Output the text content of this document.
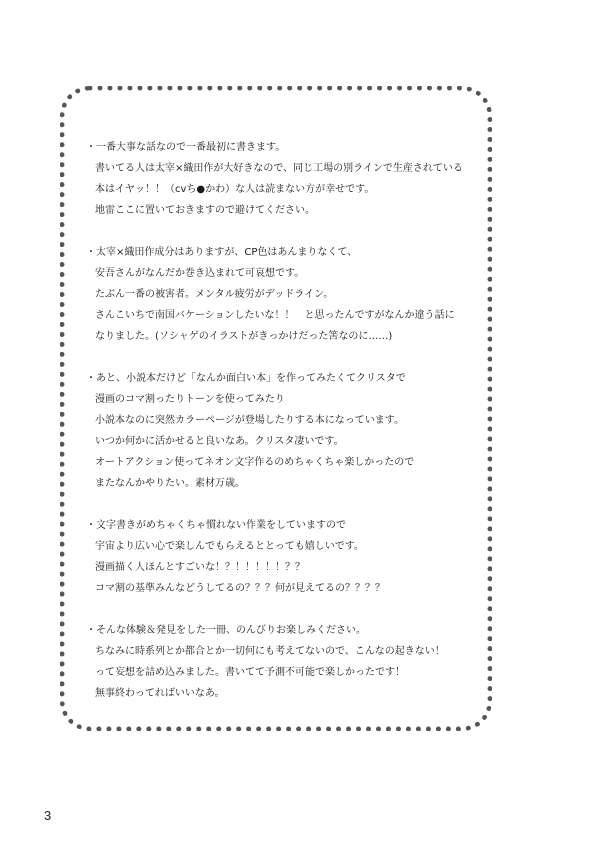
・一番大事な話なので一番最初に書きます。
書いてる人は太宰×織田作が大好きなので、同じ工場の別ラインで生産されている
本はイヤッ！！（cvち●かわ）な人は読まない方が幸せです。
地雷ここに置いておきますので避けてください。
・太宰×織田作成分はありますが、CP色はあんまりなくて、
安吾さんがなんだか巻き込まれて可哀想です。
たぶん一番の被害者。メンタル疲労がデッドライン。
さんこいちで南国バケーションしたいな！！　と思ったんですがなんか違う話に
なりました。(ソシャゲのイラストがきっかけだった筈なのに……)
・あと、小説本だけど「なんか面白い本」を作ってみたくてクリスタで
漫画のコマ割ったりトーンを使ってみたり
小説本なのに突然カラーページが登場したりする本になっています。
いつか何かに活かせると良いなあ。クリスタ凄いです。
オートアクション使ってネオン文字作るのめちゃくちゃ楽しかったので
またなんかやりたい。素材万歳。
・文字書きがめちゃくちゃ慣れない作業をしていますので
宇宙より広い心で楽しんでもらえるととっても嬉しいです。
漫画描く人ほんとすごいな！？！！！！！？？
コマ割の基準みんなどうしてるの？？？何が見えてるの？？？？
・そんな体験＆発見をした一冊、のんびりお楽しみください。
ちなみに時系列とか都合とか一切何にも考えてないので、こんなの起きない！
って妄想を詰め込みました。書いてて予測不可能で楽しかったです！
無事終わってればいいなあ。
3
